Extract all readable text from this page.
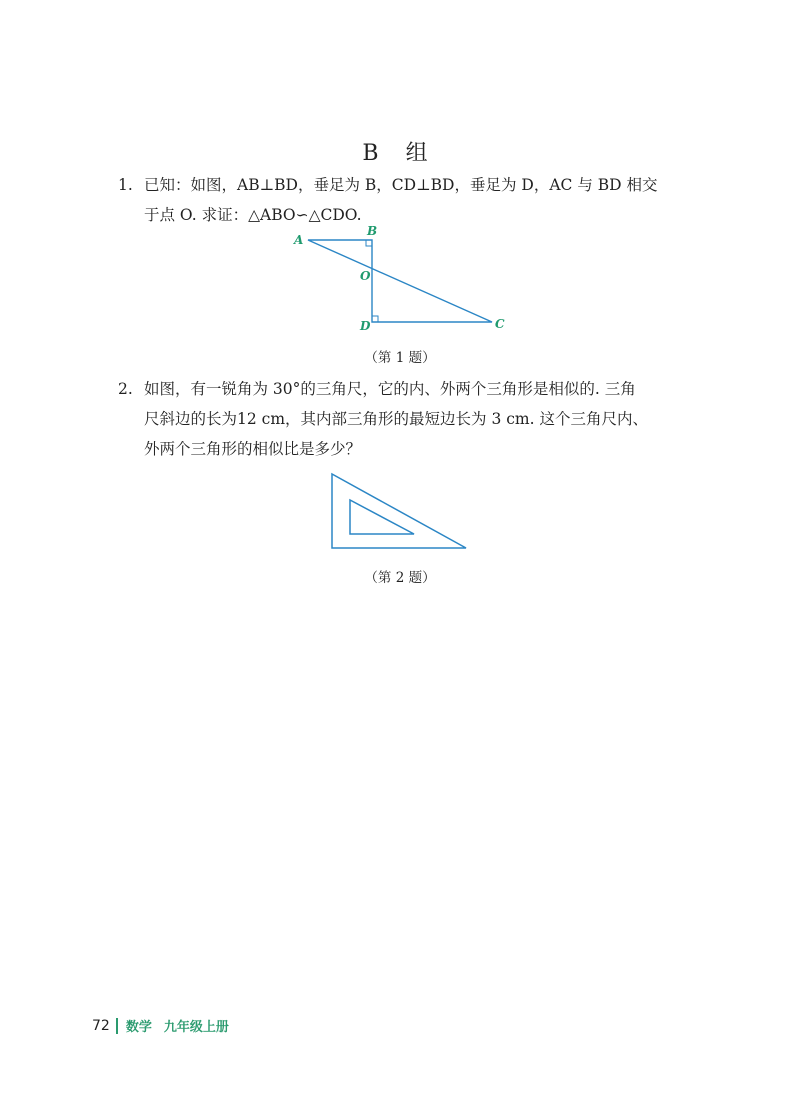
B 组
1. 已知：如图，AB⊥BD，垂足为 B，CD⊥BD，垂足为 D，AC 与 BD 相交
于点 O. 求证：△ABO∽△CDO.
A
B
O
D	C
（第 1 题）
2. 如图，有一锐角为 30°的三角尺，它的内、外两个三角形是相似的. 三角
尺斜边的长为12 cm，其内部三角形的最短边长为 3 cm. 这个三角尺内、
外两个三角形的相似比是多少？
（第 2 题）
72 数学 九年级上册
